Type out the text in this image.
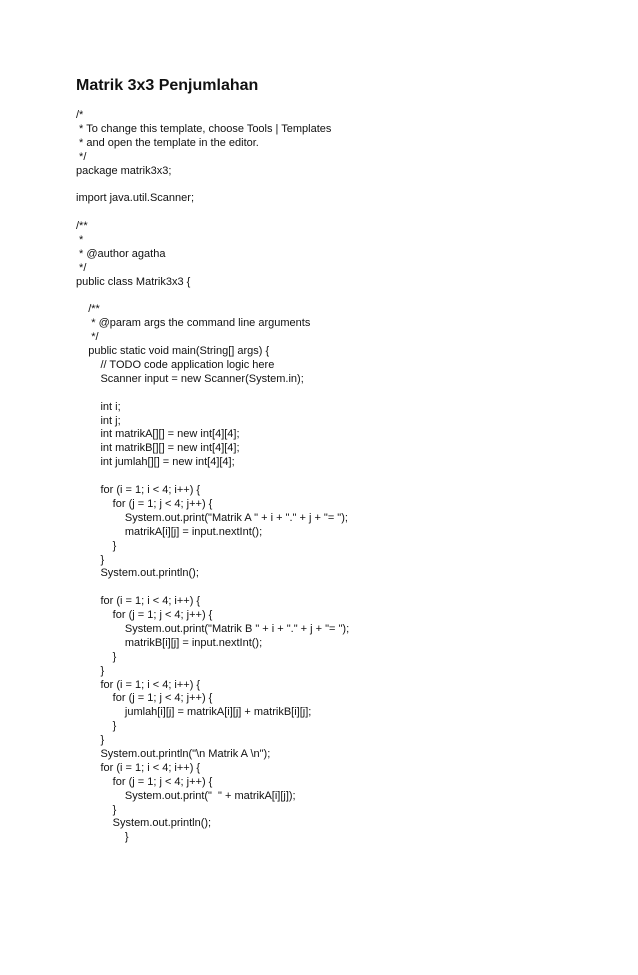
Matrik 3x3 Penjumlahan
/*
* To change this template, choose Tools | Templates
* and open the template in the editor.
*/
package matrik3x3;
import java.util.Scanner;
/**
*
* @author agatha
*/
public class Matrik3x3 {
/**
* @param args the command line arguments
*/
public static void main(String[] args) {
// TODO code application logic here
Scanner input = new Scanner(System.in);
int i;
int j;
int matrikA[][] = new int[4][4];
int matrikB[][] = new int[4][4];
int jumlah[][] = new int[4][4];
for (i = 1; i < 4; i++) {
for (j = 1; j < 4; j++) {
System.out.print("Matrik A " + i + "." + j + "= ");
matrikA[i][j] = input.nextInt();
}
}
System.out.println();
for (i = 1; i < 4; i++) {
for (j = 1; j < 4; j++) {
System.out.print("Matrik B " + i + "." + j + "= ");
matrikB[i][j] = input.nextInt();
}
}
for (i = 1; i < 4; i++) {
for (j = 1; j < 4; j++) {
jumlah[i][j] = matrikA[i][j] + matrikB[i][j];
}
}
System.out.println("\n Matrik A \n");
for (i = 1; i < 4; i++) {
for (j = 1; j < 4; j++) {
System.out.print("  " + matrikA[i][j]);
}
System.out.println();
}
